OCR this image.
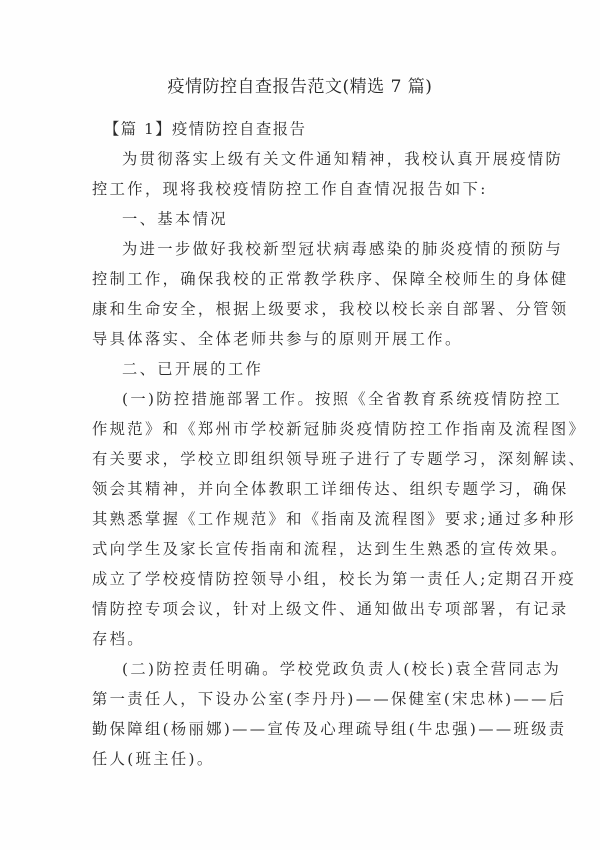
疫情防控自查报告范文(精选 7 篇)
【篇 1】疫情防控自查报告
为贯彻落实上级有关文件通知精神，我校认真开展疫情防
控工作，现将我校疫情防控工作自查情况报告如下:
一、基本情况
为进一步做好我校新型冠状病毒感染的肺炎疫情的预防与
控制工作，确保我校的正常教学秩序、保障全校师生的身体健
康和生命安全，根据上级要求，我校以校长亲自部署、分管领
导具体落实、全体老师共参与的原则开展工作。
二、已开展的工作
(一)防控措施部署工作。按照《全省教育系统疫情防控工
作规范》和《郑州市学校新冠肺炎疫情防控工作指南及流程图》
有关要求，学校立即组织领导班子进行了专题学习，深刻解读、
领会其精神，并向全体教职工详细传达、组织专题学习，确保
其熟悉掌握《工作规范》和《指南及流程图》要求;通过多种形
式向学生及家长宣传指南和流程，达到生生熟悉的宣传效果。
成立了学校疫情防控领导小组，校长为第一责任人;定期召开疫
情防控专项会议，针对上级文件、通知做出专项部署，有记录
存档。
(二)防控责任明确。学校党政负责人(校长)袁全营同志为
第一责任人，下设办公室(李丹丹)——保健室(宋忠林)——后
勤保障组(杨丽娜)——宣传及心理疏导组(牛忠强)——班级责
任人(班主任)。
